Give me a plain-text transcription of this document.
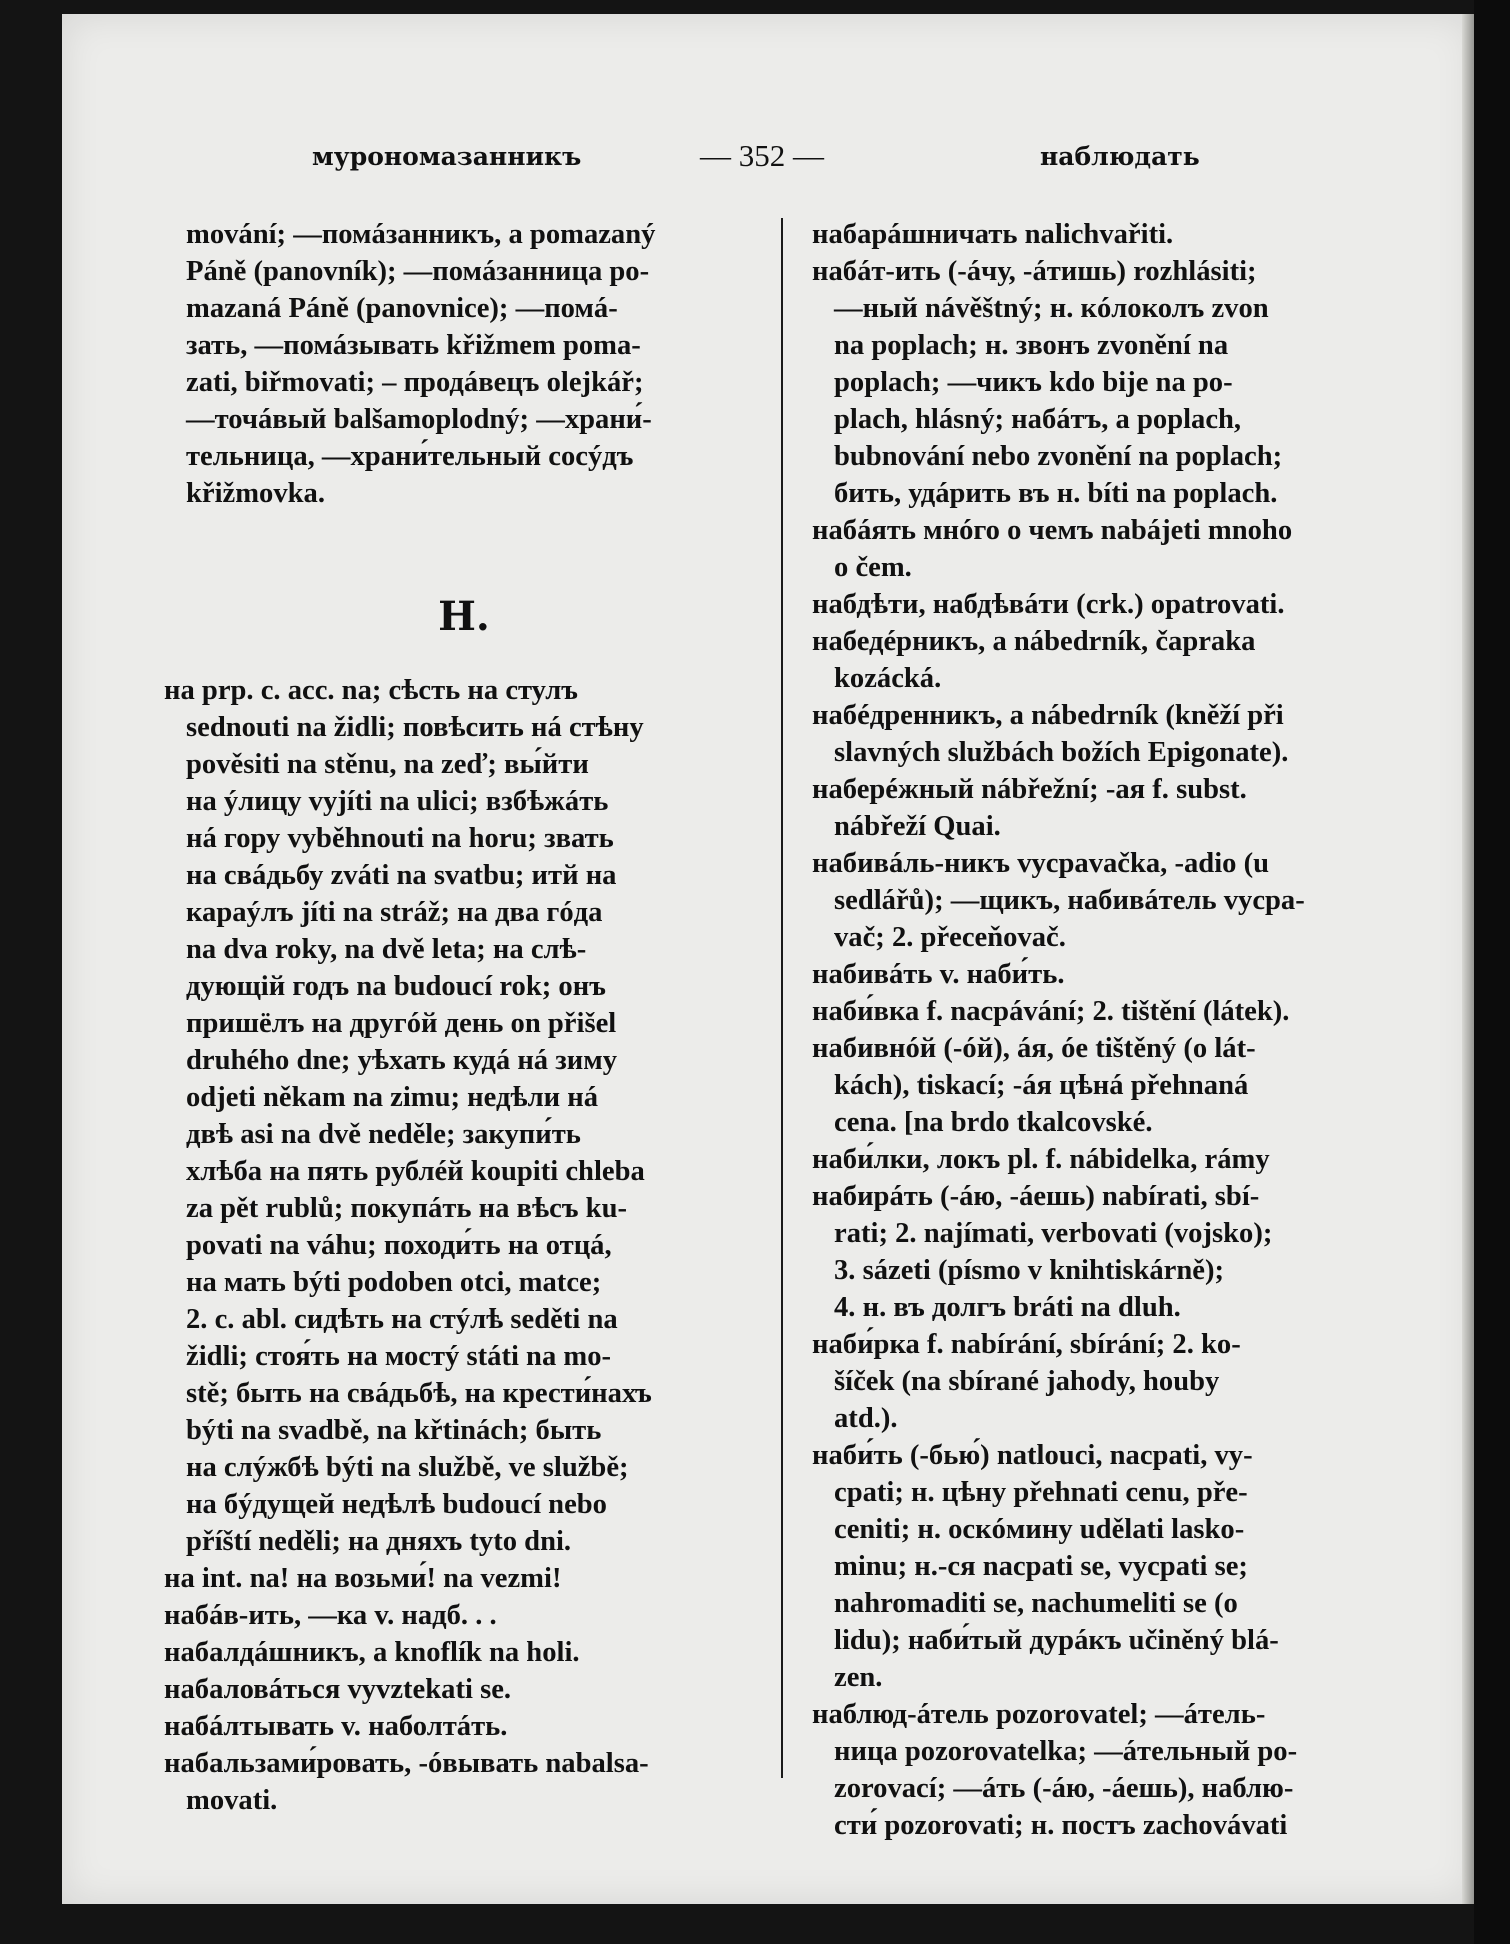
мурономазанникъ	— 352 —	наблюдать

mování; —помáзанникъ, a pomazaný

Páně (panovník); —помáзанница po-

mazaná Páně (panovnice); —помá-

зать, —помáзывать křižmem poma-

zati, biřmovati; – продáвецъ olejkář;

—точáвый balšamoplodný; —храни́-

тельница, —храни́тельный сосýдъ

křižmovka.

Н.

на prp. c. acc. na; сѣсть на стулъ

sednouti na židli; повѣсить нá стѣну

pověsiti na stěnu, na zeď; вы́йти

на ýлицу vyjíti na ulici; взбѣжáть

нá гору vyběhnouti na horu; звать

на свáдьбу zváti na svatbu; итй на

караýлъ jíti na stráž; на два гóда

na dva roky, na dvě leta; на слѣ-

дующій годъ na budoucí rok; онъ

пришёлъ на другóй день on přišel

druhého dne; уѣхать кудá нá зиму

odjeti někam na zimu; недѣли нá

двѣ asi na dvě neděle; закупи́ть

хлѣба на пять рублéй koupiti chleba

za pět rublů; покупáть на вѣсъ ku-

povati na váhu; походи́ть на отцá,

на мать býti podoben otci, matce;

2. c. abl. сидѣть на стýлѣ seděti na

židli; стоя́ть на мостý státi na mo-

stě; быть на свáдьбѣ, на крести́нахъ

býti na svadbě, na křtinách; быть

на слýжбѣ býti na službě, ve službě;

на бýдущей недѣлѣ budoucí nebo

příští neděli; на дняхъ tyto dni.

на int. na! на возьми́! na vezmi!

набáв-ить, —ка v. надб. . .

набалдáшникъ, a knoflík na holi.

набаловáться vyvztekati se.

набáлтывать v. наболтáть.

набальзами́ровать, -óвывать nabalsa-

movati.

набарáшничать nalichvařiti.

набáт-ить (-áчу, -áтишь) rozhlásiti;

—ный návěštný; н. кóлоколъ zvon

na poplach; н. звонъ zvonění na

poplach; —чикъ kdo bije na po-

plach, hlásný; набáтъ, a poplach,

bubnování nebo zvonění na poplach;

бить, удáрить въ н. bíti na poplach.

набáять мнóго о чемъ nabájeti mnoho

o čem.

набдѣти, набдѣвáти (crk.) opatrovati.

набедéрникъ, a nábedrník, čapraka

kozácká.

набéдренникъ, a nábedrník (kněží při

slavných službách božích Epigonate).

наберéжный nábřežní; -ая f. subst.

nábřeží Quai.

набивáль-никъ vycpavačka, -adio (u

sedlářů); —щикъ, набивáтель vycpa-

vač; 2. přeceňovač.

набивáть v. наби́ть.

наби́вка f. nacpávání; 2. tištění (látek).

набивнóй (-óй), áя, óе tištěný (o lát-

kách), tiskací; -áя цѣнá přehnaná

cena. [na brdo tkalcovské.

наби́лки, локъ pl. f. nábidelka, rámy

набирáть (-áю, -áешь) nabírati, sbí-

rati; 2. najímati, verbovati (vojsko);

3. sázeti (písmo v knihtiskárně);

4. н. въ долгъ bráti na dluh.

наби́рка f. nabírání, sbírání; 2. ko-

šíček (na sbírané jahody, houby

atd.).

наби́ть (-бью́) natlouci, nacpati, vy-

cpati; н. цѣну přehnati cenu, pře-

ceniti; н. оскóмину udělati lasko-

minu; н.-ся nacpati se, vycpati se;

nahromaditi se, nachumeliti se (o

lidu); наби́тый дурáкъ učiněný blá-

zen.

наблюд-áтель pozorovatel; —áтель-

ница pozorovatelka; —áтельный po-

zorovací; —áть (-áю, -áешь), наблю-

сти́ pozorovati; н. постъ zachovávati
